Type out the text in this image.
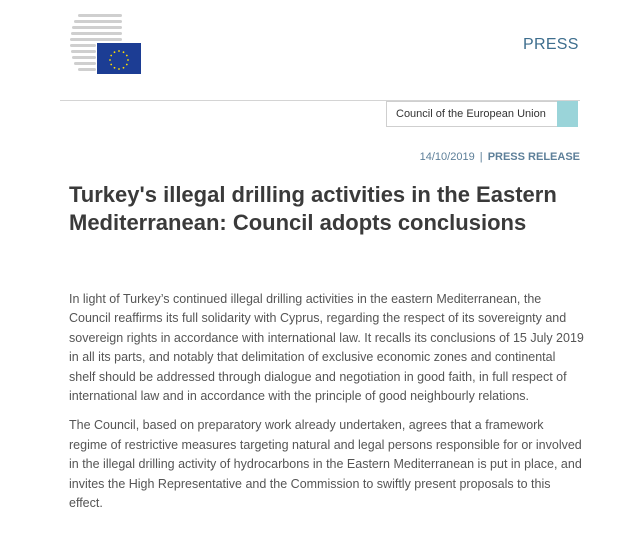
PRESS
Council of the European Union
14/10/2019 | PRESS RELEASE
Turkey's illegal drilling activities in the Eastern Mediterranean: Council adopts conclusions

In light of Turkey’s continued illegal drilling activities in the eastern Mediterranean, the Council reaffirms its full solidarity with Cyprus, regarding the respect of its sovereignty and sovereign rights in accordance with international law. It recalls its conclusions of 15 July 2019 in all its parts, and notably that delimitation of exclusive economic zones and continental shelf should be addressed through dialogue and negotiation in good faith, in full respect of international law and in accordance with the principle of good neighbourly relations.

The Council, based on preparatory work already undertaken, agrees that a framework regime of restrictive measures targeting natural and legal persons responsible for or involved in the illegal drilling activity of hydrocarbons in the Eastern Mediterranean is put in place, and invites the High Representative and the Commission to swiftly present proposals to this effect.
